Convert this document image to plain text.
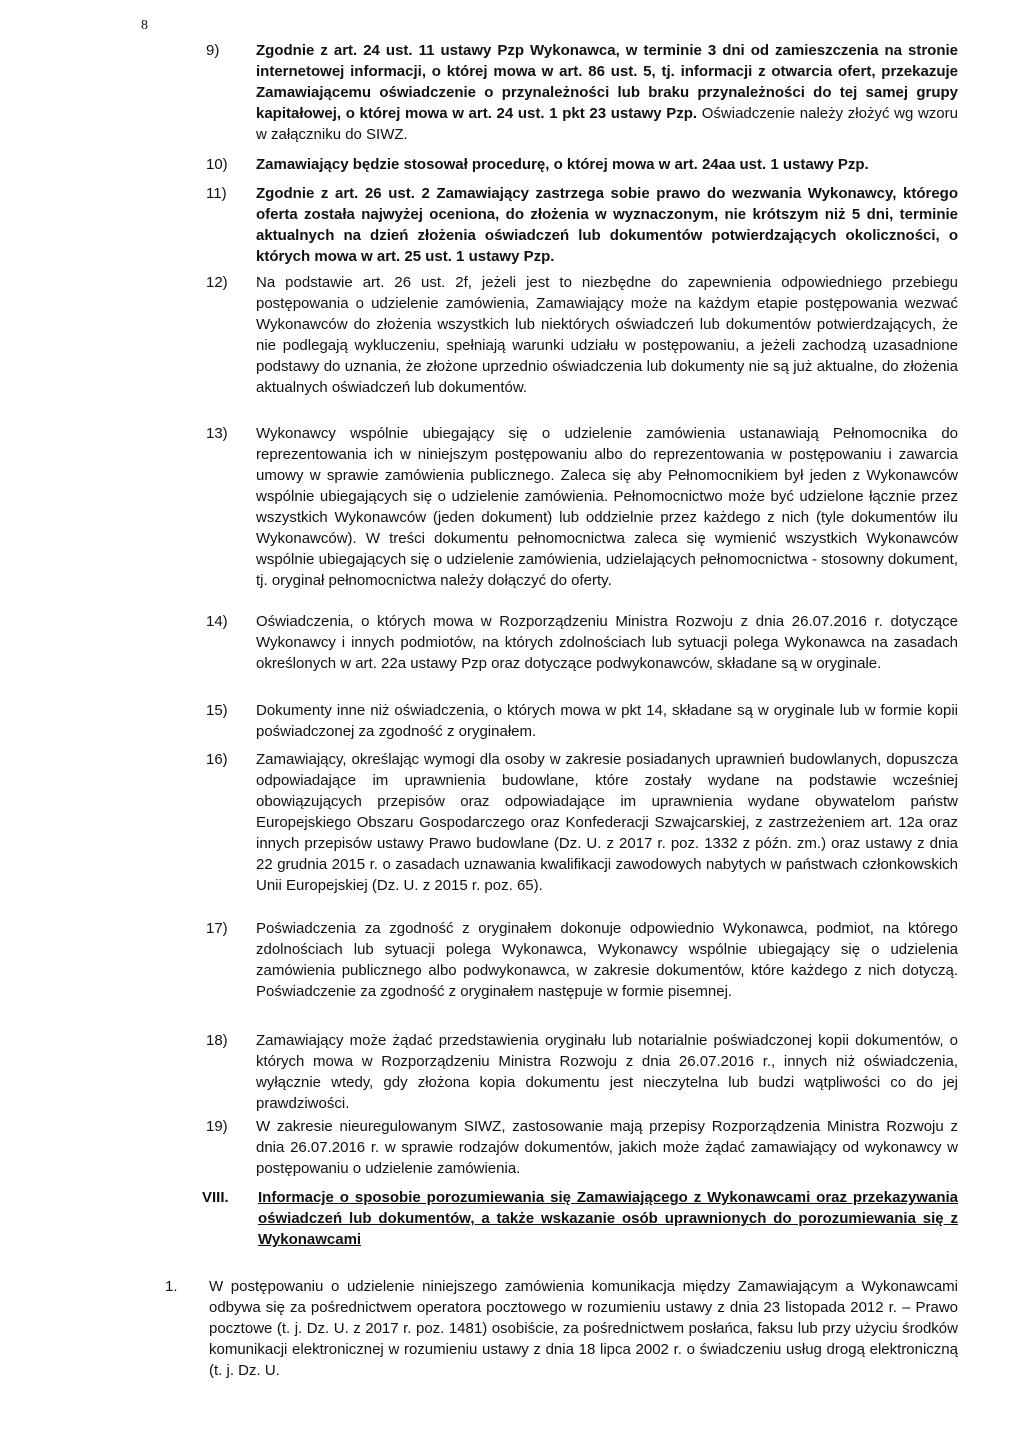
8
9)	Zgodnie z art. 24 ust. 11 ustawy Pzp Wykonawca, w terminie 3 dni od zamieszczenia na stronie internetowej informacji, o której mowa w art. 86 ust. 5, tj. informacji z otwarcia ofert, przekazuje Zamawiającemu oświadczenie o przynależności lub braku przynależności do tej samej grupy kapitałowej, o której mowa w art. 24 ust. 1 pkt 23 ustawy Pzp. Oświadczenie należy złożyć wg wzoru w załączniku do SIWZ.
10)	Zamawiający będzie stosował procedurę, o której mowa w art. 24aa ust. 1 ustawy Pzp.
11)	Zgodnie z art. 26 ust. 2 Zamawiający zastrzega sobie prawo do wezwania Wykonawcy, którego oferta została najwyżej oceniona, do złożenia w wyznaczonym, nie krótszym niż 5 dni, terminie aktualnych na dzień złożenia oświadczeń lub dokumentów potwierdzających okoliczności, o których mowa w art. 25 ust. 1 ustawy Pzp.
12)	Na podstawie art. 26 ust. 2f, jeżeli jest to niezbędne do zapewnienia odpowiedniego przebiegu postępowania o udzielenie zamówienia, Zamawiający może na każdym etapie postępowania wezwać Wykonawców do złożenia wszystkich lub niektórych oświadczeń lub dokumentów potwierdzających, że nie podlegają wykluczeniu, spełniają warunki udziału w postępowaniu, a jeżeli zachodzą uzasadnione podstawy do uznania, że złożone uprzednio oświadczenia lub dokumenty nie są już aktualne, do złożenia aktualnych oświadczeń lub dokumentów.
13)	Wykonawcy wspólnie ubiegający się o udzielenie zamówienia ustanawiają Pełnomocnika do reprezentowania ich w niniejszym postępowaniu albo do reprezentowania w postępowaniu i zawarcia umowy w sprawie zamówienia publicznego. Zaleca się aby Pełnomocnikiem był jeden z Wykonawców wspólnie ubiegających się o udzielenie zamówienia. Pełnomocnictwo może być udzielone łącznie przez wszystkich Wykonawców (jeden dokument) lub oddzielnie przez każdego z nich (tyle dokumentów ilu Wykonawców). W treści dokumentu pełnomocnictwa zaleca się wymienić wszystkich Wykonawców wspólnie ubiegających się o udzielenie zamówienia, udzielających pełnomocnictwa - stosowny dokument, tj. oryginał pełnomocnictwa należy dołączyć do oferty.
14)	Oświadczenia, o których mowa w Rozporządzeniu Ministra Rozwoju z dnia 26.07.2016 r. dotyczące Wykonawcy i innych podmiotów, na których zdolnościach lub sytuacji polega Wykonawca na zasadach określonych w art. 22a ustawy Pzp oraz dotyczące podwykonawców, składane są w oryginale.
15)	Dokumenty inne niż oświadczenia, o których mowa w pkt 14, składane są w oryginale lub w formie kopii poświadczonej za zgodność z oryginałem.
16)	Zamawiający, określając wymogi dla osoby w zakresie posiadanych uprawnień budowlanych, dopuszcza odpowiadające im uprawnienia budowlane, które zostały wydane na podstawie wcześniej obowiązujących przepisów oraz odpowiadające im uprawnienia wydane obywatelom państw Europejskiego Obszaru Gospodarczego oraz Konfederacji Szwajcarskiej, z zastrzeżeniem art. 12a oraz innych przepisów ustawy Prawo budowlane (Dz. U. z 2017 r. poz. 1332 z późn. zm.) oraz ustawy z dnia 22 grudnia 2015 r. o zasadach uznawania kwalifikacji zawodowych nabytych w państwach członkowskich Unii Europejskiej (Dz. U. z 2015 r. poz. 65).
17)	Poświadczenia za zgodność z oryginałem dokonuje odpowiednio Wykonawca, podmiot, na którego zdolnościach lub sytuacji polega Wykonawca, Wykonawcy wspólnie ubiegający się o udzielenia zamówienia publicznego albo podwykonawca, w zakresie dokumentów, które każdego z nich dotyczą. Poświadczenie za zgodność z oryginałem następuje w formie pisemnej.
18)	Zamawiający może żądać przedstawienia oryginału lub notarialnie poświadczonej kopii dokumentów, o których mowa w Rozporządzeniu Ministra Rozwoju z dnia 26.07.2016 r., innych niż oświadczenia, wyłącznie wtedy, gdy złożona kopia dokumentu jest nieczytelna lub budzi wątpliwości co do jej prawdziwości.
19)	W zakresie nieuregulowanym SIWZ, zastosowanie mają przepisy Rozporządzenia Ministra Rozwoju z dnia 26.07.2016 r. w sprawie rodzajów dokumentów, jakich może żądać zamawiający od wykonawcy w postępowaniu o udzielenie zamówienia.
VIII. Informacje o sposobie porozumiewania się Zamawiającego z Wykonawcami oraz przekazywania oświadczeń lub dokumentów, a także wskazanie osób uprawnionych do porozumiewania się z Wykonawcami
1. W postępowaniu o udzielenie niniejszego zamówienia komunikacja między Zamawiającym a Wykonawcami odbywa się za pośrednictwem operatora pocztowego w rozumieniu ustawy z dnia 23 listopada 2012 r. – Prawo pocztowe (t. j. Dz. U. z 2017 r. poz. 1481) osobiście, za pośrednictwem posłańca, faksu lub przy użyciu środków komunikacji elektronicznej w rozumieniu ustawy z dnia 18 lipca 2002 r. o świadczeniu usług drogą elektroniczną (t. j. Dz. U.
